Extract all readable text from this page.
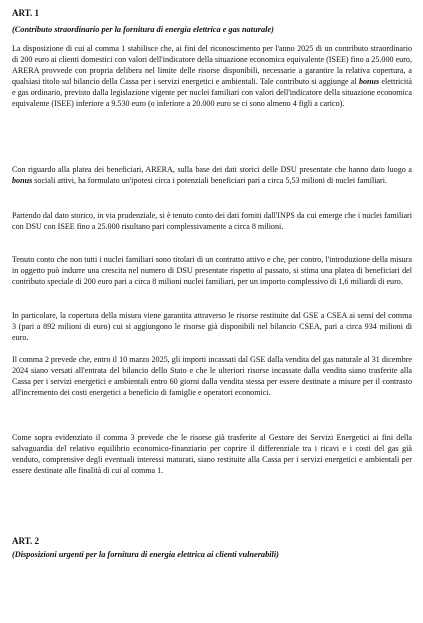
ART. 1
(Contributo straordinario per la fornitura di energia elettrica e gas naturale)

La disposizione di cui al comma 1 stabilisce che, ai fini del riconoscimento per l'anno 2025 di un contributo straordinario di 200 euro ai clienti domestici con valori dell'indicatore della situazione economica equivalente (ISEE) fino a 25.000 euro, ARERA provvede con propria delibera nel limite delle risorse disponibili, necessarie a garantire la relativa copertura, a qualsiasi titolo sul bilancio della Cassa per i servizi energetici e ambientali. Tale contributo si aggiunge al bonus elettricità e gas ordinario, previsto dalla legislazione vigente per nuclei familiari con valori dell'indicatore della situazione economica equivalente (ISEE) inferiore a 9.530 euro (o inferiore a 20.000 euro se ci sono almeno 4 figli a carico).

Con riguardo alla platea dei beneficiari, ARERA, sulla base dei dati storici delle DSU presentate che hanno dato luogo a bonus sociali attivi, ha formulato un'ipotesi circa i potenziali beneficiari pari a circa 5,53 milioni di nuclei familiari.

Partendo dal dato storico, in via prudenziale, si è tenuto conto dei dati forniti dall'INPS da cui emerge che i nuclei familiari con DSU con ISEE fino a 25.000 risultano pari complessivamente a circa 8 milioni.

Tenuto conto che non tutti i nuclei familiari sono titolari di un contratto attivo e che, per contro, l'introduzione della misura in oggetto può indurre una crescita nel numero di DSU presentate rispetto al passato, si stima una platea di beneficiari del contributo speciale di 200 euro pari a circa 8 milioni nuclei familiari, per un importo complessivo di 1,6 miliardi di euro.

In particolare, la copertura della misura viene garantita attraverso le risorse restituite dal GSE a CSEA ai sensi del comma 3 (pari a 892 milioni di euro) cui si aggiungono le risorse già disponibili nel bilancio CSEA, pari a circa 934 milioni di euro.

Il comma 2 prevede che, entro il 10 marzo 2025, gli importi incassati dal GSE dalla vendita del gas naturale al 31 dicembre 2024 siano versati all'entrata del bilancio dello Stato e che le ulteriori risorse incassate dalla vendita siano trasferite alla Cassa per i servizi energetici e ambientali entro 60 giorni dalla vendita stessa per essere destinate a misure per il contrasto all'incremento dei costi energetici a beneficio di famiglie e operatori economici.

Come sopra evidenziato il comma 3 prevede che le risorse già trasferite al Gestore dei Servizi Energetici ai fini della salvaguardia del relativo equilibrio economico-finanziario per coprire il differenziale tra i ricavi e i costi del gas già venduto, comprensive degli eventuali interessi maturati, siano restituite alla Cassa per i servizi energetici e ambientali per essere destinate alle finalità di cui al comma 1.

ART. 2
(Disposizioni urgenti per la fornitura di energia elettrica ai clienti vulnerabili)
